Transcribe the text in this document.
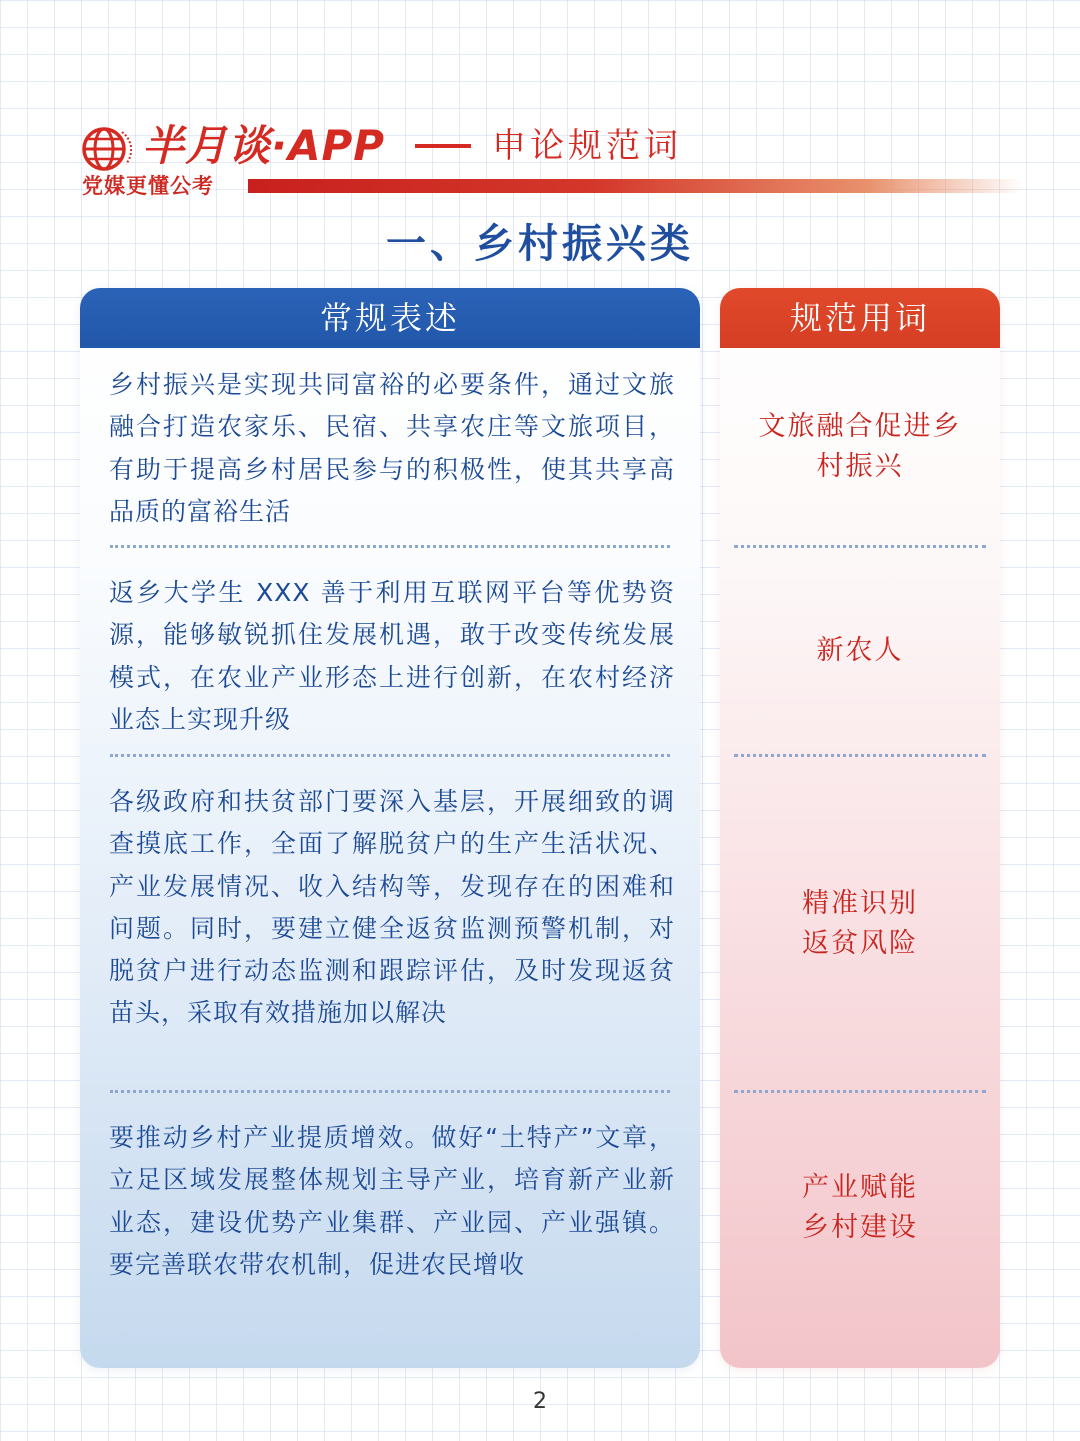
半月谈·APP	申论规范词
党媒更懂公考
一、乡村振兴类
常规表述
乡村振兴是实现共同富裕的必要条件，通过文旅融合打造农家乐、民宿、共享农庄等文旅项目，有助于提高乡村居民参与的积极性，使其共享高品质的富裕生活
返乡大学生 XXX 善于利用互联网平台等优势资源，能够敏锐抓住发展机遇，敢于改变传统发展模式，在农业产业形态上进行创新，在农村经济业态上实现升级
各级政府和扶贫部门要深入基层，开展细致的调查摸底工作，全面了解脱贫户的生产生活状况、产业发展情况、收入结构等，发现存在的困难和问题。同时，要建立健全返贫监测预警机制，对脱贫户进行动态监测和跟踪评估，及时发现返贫苗头，采取有效措施加以解决
要推动乡村产业提质增效。做好“土特产”文章，立足区域发展整体规划主导产业，培育新产业新业态，建设优势产业集群、产业园、产业强镇。要完善联农带农机制，促进农民增收
规范用词
文旅融合促进乡
村振兴
新农人
精准识别
返贫风险
产业赋能
乡村建设
2
